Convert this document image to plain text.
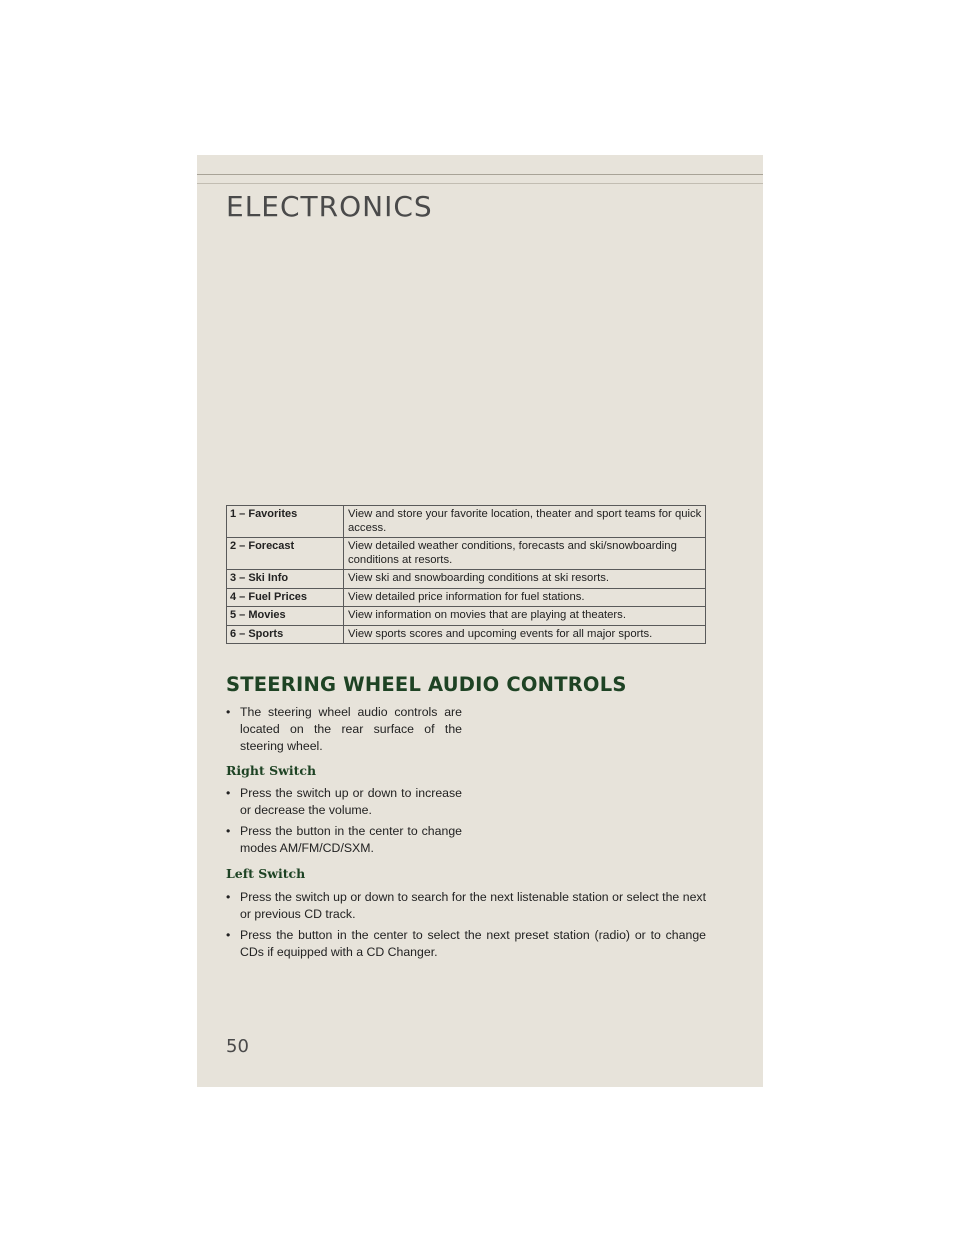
ELECTRONICS
1 – Favorites	View and store your favorite location, theater and sport teams for quick access.
2 – Forecast	View detailed weather conditions, forecasts and ski/snowboarding conditions at resorts.
3 – Ski Info	View ski and snowboarding conditions at ski resorts.
4 – Fuel Prices	View detailed price information for fuel stations.
5 – Movies	View information on movies that are playing at theaters.
6 – Sports	View sports scores and upcoming events for all major sports.
STEERING WHEEL AUDIO CONTROLS

• The steering wheel audio controls are located on the rear surface of the steering wheel.

Right Switch

• Press the switch up or down to increase or decrease the volume.

• Press the button in the center to change modes AM/FM/CD/SXM.

Left Switch

• Press the switch up or down to search for the next listenable station or select the next or previous CD track.

• Press the button in the center to select the next preset station (radio) or to change CDs if equipped with a CD Changer.

50
